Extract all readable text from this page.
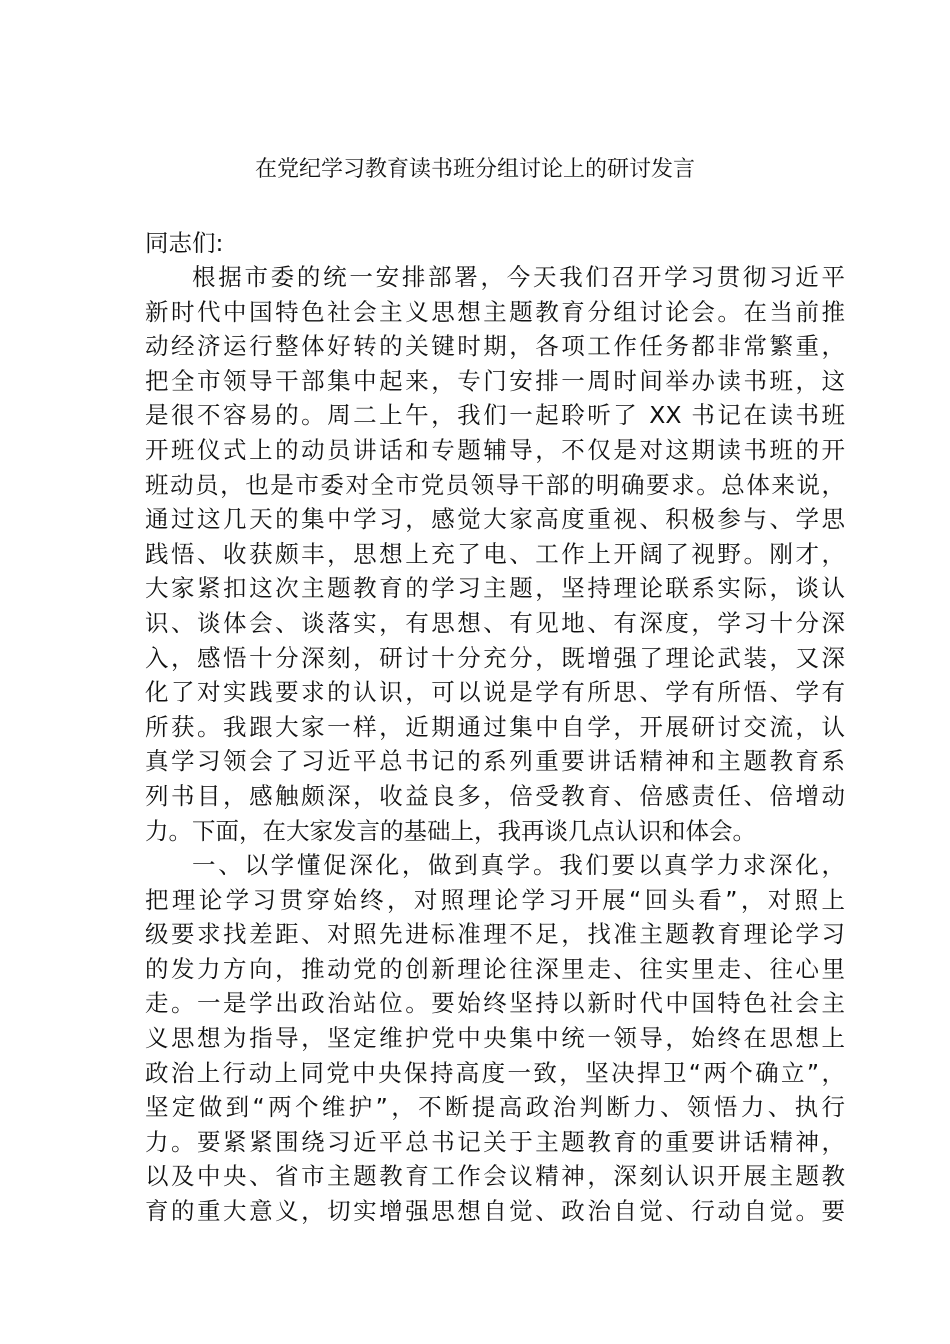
在党纪学习教育读书班分组讨论上的研讨发言
同志们:
根据市委的统一安排部署，今天我们召开学习贯彻习近平
新时代中国特色社会主义思想主题教育分组讨论会。在当前推
动经济运行整体好转的关键时期，各项工作任务都非常繁重，
把全市领导干部集中起来，专门安排一周时间举办读书班，这
是很不容易的。周二上午，我们一起聆听了 XX 书记在读书班
开班仪式上的动员讲话和专题辅导，不仅是对这期读书班的开
班动员，也是市委对全市党员领导干部的明确要求。总体来说，
通过这几天的集中学习，感觉大家高度重视、积极参与、学思
践悟、收获颇丰，思想上充了电、工作上开阔了视野。刚才，
大家紧扣这次主题教育的学习主题，坚持理论联系实际，谈认
识、谈体会、谈落实，有思想、有见地、有深度，学习十分深
入，感悟十分深刻，研讨十分充分，既增强了理论武装，又深
化了对实践要求的认识，可以说是学有所思、学有所悟、学有
所获。我跟大家一样，近期通过集中自学，开展研讨交流，认
真学习领会了习近平总书记的系列重要讲话精神和主题教育系
列书目，感触颇深，收益良多，倍受教育、倍感责任、倍增动
力。下面，在大家发言的基础上，我再谈几点认识和体会。
一、以学懂促深化，做到真学。我们要以真学力求深化，
把理论学习贯穿始终，对照理论学习开展“回头看”，对照上
级要求找差距、对照先进标准理不足，找准主题教育理论学习
的发力方向，推动党的创新理论往深里走、往实里走、往心里
走。一是学出政治站位。要始终坚持以新时代中国特色社会主
义思想为指导，坚定维护党中央集中统一领导，始终在思想上
政治上行动上同党中央保持高度一致，坚决捍卫“两个确立”，
坚定做到“两个维护”，不断提高政治判断力、领悟力、执行
力。要紧紧围绕习近平总书记关于主题教育的重要讲话精神，
以及中央、省市主题教育工作会议精神，深刻认识开展主题教
育的重大意义，切实增强思想自觉、政治自觉、行动自觉。要
